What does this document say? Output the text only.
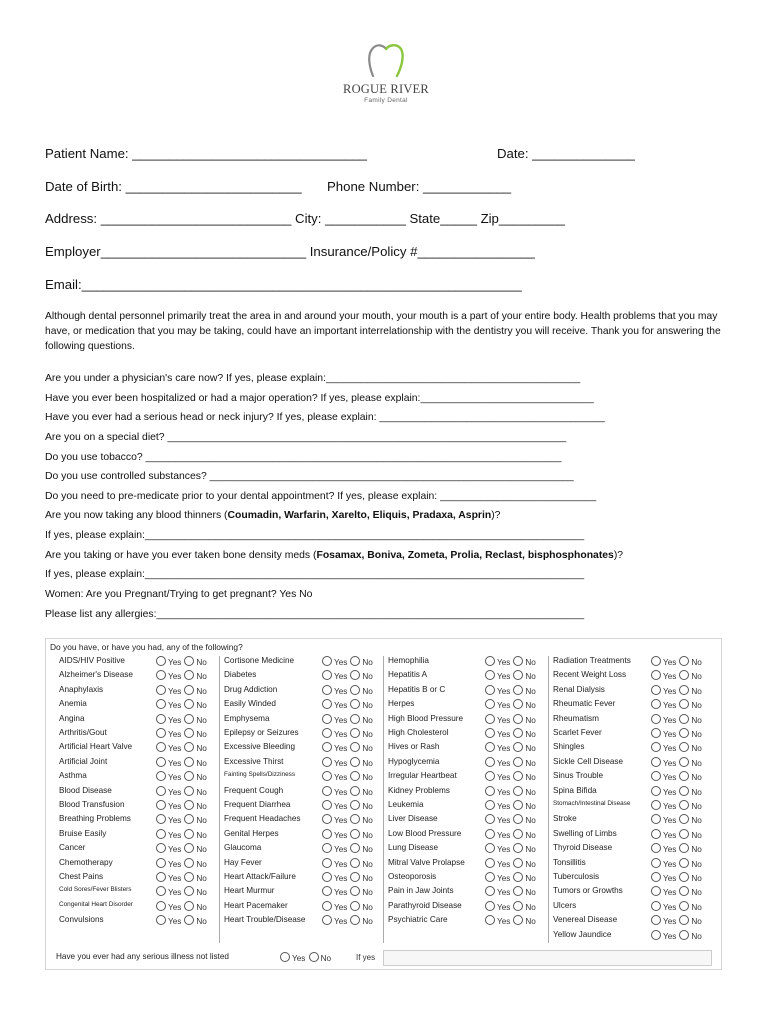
ROGUE RIVER
Family Dental
Patient Name: ________________________________	Date: ______________
Date of Birth: ________________________ Phone Number: ____________
Address: __________________________ City: ___________ State_____ Zip_________
Employer____________________________ Insurance/Policy #________________
Email:____________________________________________________________
Although dental personnel primarily treat the area in and around your mouth, your mouth is a part of your entire body. Health problems that you may have, or medication that you may be taking, could have an important interrelationship with the dentistry you will receive. Thank you for answering the following questions.
Are you under a physician's care now? If yes, please explain:____________________________________________
Have you ever been hospitalized or had a major operation? If yes, please explain:______________________________
Have you ever had a serious head or neck injury? If yes, please explain: _______________________________________
Are you on a special diet? _____________________________________________________________________
Do you use tobacco? ________________________________________________________________________
Do you use controlled substances? _______________________________________________________________
Do you need to pre-medicate prior to your dental appointment? If yes, please explain: ___________________________
Are you now taking any blood thinners (Coumadin, Warfarin, Xarelto, Eliquis, Pradaxa, Asprin)?
If yes, please explain:____________________________________________________________________________
Are you taking or have you ever taken bone density meds (Fosamax, Boniva, Zometa, Prolia, Reclast, bisphosphonates)?
If yes, please explain:____________________________________________________________________________
Women: Are you Pregnant/Trying to get pregnant? Yes No
Please list any allergies:__________________________________________________________________________
Do you have, or have you had, any of the following?
AIDS/HIV Positive	Yes No
Alzheimer's Disease	Yes No
Anaphylaxis	Yes No
Anemia	Yes No
Angina	Yes No
Arthritis/Gout	Yes No
Artificial Heart Valve	Yes No
Artificial Joint	Yes No
Asthma	Yes No
Blood Disease	Yes No
Blood Transfusion	Yes No
Breathing Problems	Yes No
Bruise Easily	Yes No
Cancer	Yes No
Chemotherapy	Yes No
Chest Pains	Yes No
Cold Sores/Fever Blisters	Yes No
Congenital Heart Disorder	Yes No
Convulsions	Yes No
Cortisone Medicine	Yes No
Diabetes	Yes No
Drug Addiction	Yes No
Easily Winded	Yes No
Emphysema	Yes No
Epilepsy or Seizures	Yes No
Excessive Bleeding	Yes No
Excessive Thirst	Yes No
Fainting Spells/Dizziness	Yes No
Frequent Cough	Yes No
Frequent Diarrhea	Yes No
Frequent Headaches	Yes No
Genital Herpes	Yes No
Glaucoma	Yes No
Hay Fever	Yes No
Heart Attack/Failure	Yes No
Heart Murmur	Yes No
Heart Pacemaker	Yes No
Heart Trouble/Disease	Yes No
Hemophilia	Yes No
Hepatitis A	Yes No
Hepatitis B or C	Yes No
Herpes	Yes No
High Blood Pressure	Yes No
High Cholesterol	Yes No
Hives or Rash	Yes No
Hypoglycemia	Yes No
Irregular Heartbeat	Yes No
Kidney Problems	Yes No
Leukemia	Yes No
Liver Disease	Yes No
Low Blood Pressure	Yes No
Lung Disease	Yes No
Mitral Valve Prolapse	Yes No
Osteoporosis	Yes No
Pain in Jaw Joints	Yes No
Parathyroid Disease	Yes No
Psychiatric Care	Yes No
Radiation Treatments	Yes No
Recent Weight Loss	Yes No
Renal Dialysis	Yes No
Rheumatic Fever	Yes No
Rheumatism	Yes No
Scarlet Fever	Yes No
Shingles	Yes No
Sickle Cell Disease	Yes No
Sinus Trouble	Yes No
Spina Bifida	Yes No
Stomach/Intestinal Disease	Yes No
Stroke	Yes No
Swelling of Limbs	Yes No
Thyroid Disease	Yes No
Tonsillitis	Yes No
Tuberculosis	Yes No
Tumors or Growths	Yes No
Ulcers	Yes No
Venereal Disease	Yes No
Yellow Jaundice	Yes No
Have you ever had any serious illness not listed	Yes No	If yes
